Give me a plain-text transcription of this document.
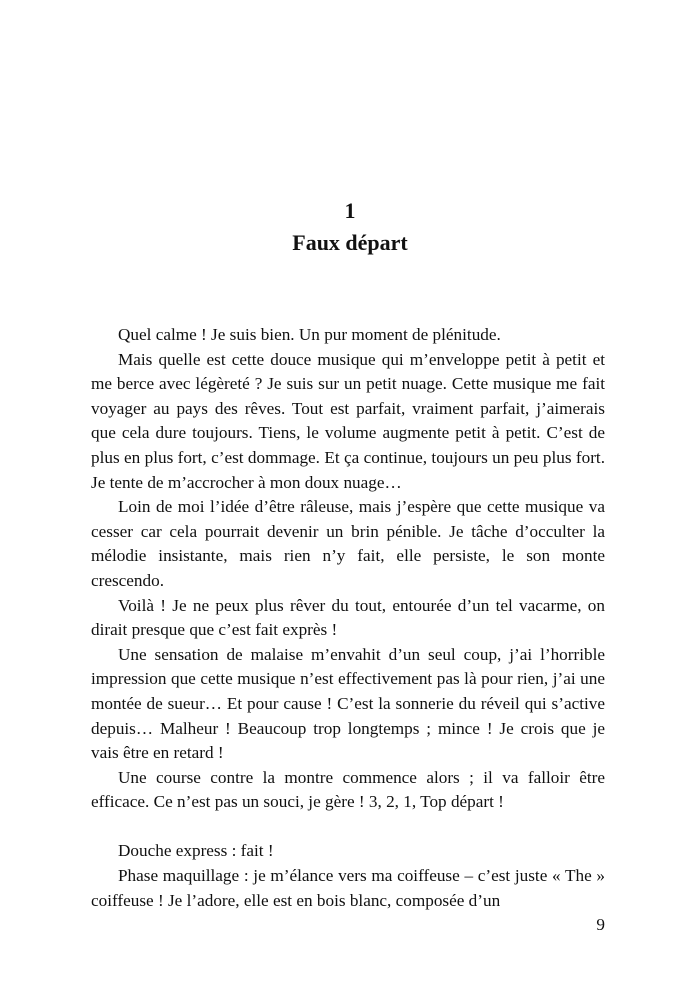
1
Faux départ

Quel calme ! Je suis bien. Un pur moment de plénitude.

Mais quelle est cette douce musique qui m’enveloppe petit à petit et me berce avec légèreté ? Je suis sur un petit nuage. Cette musique me fait voyager au pays des rêves. Tout est parfait, vraiment parfait, j’aimerais que cela dure toujours. Tiens, le volume augmente petit à petit. C’est de plus en plus fort, c’est dommage. Et ça continue, toujours un peu plus fort. Je tente de m’accrocher à mon doux nuage…

Loin de moi l’idée d’être râleuse, mais j’espère que cette musique va cesser car cela pourrait devenir un brin pénible. Je tâche d’occulter la mélodie insistante, mais rien n’y fait, elle persiste, le son monte crescendo.

Voilà ! Je ne peux plus rêver du tout, entourée d’un tel vacarme, on dirait presque que c’est fait exprès !

Une sensation de malaise m’envahit d’un seul coup, j’ai l’horrible impression que cette musique n’est effectivement pas là pour rien, j’ai une montée de sueur… Et pour cause ! C’est la sonnerie du réveil qui s’active depuis… Malheur ! Beaucoup trop longtemps ; mince ! Je crois que je vais être en retard !

Une course contre la montre commence alors ; il va falloir être efficace. Ce n’est pas un souci, je gère ! 3, 2, 1, Top départ !

Douche express : fait !

Phase maquillage : je m’élance vers ma coiffeuse – c’est juste « The » coiffeuse ! Je l’adore, elle est en bois blanc, composée d’un

9
